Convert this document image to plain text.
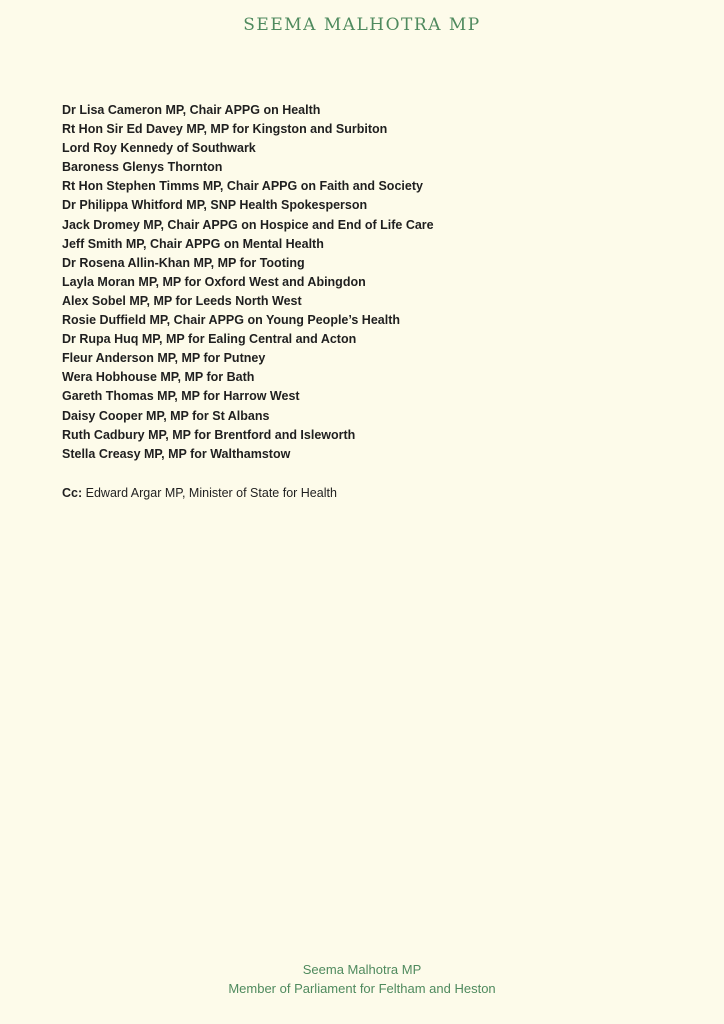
SEEMA MALHOTRA MP
Dr Lisa Cameron MP, Chair APPG on Health
Rt Hon Sir Ed Davey MP, MP for Kingston and Surbiton
Lord Roy Kennedy of Southwark
Baroness Glenys Thornton
Rt Hon Stephen Timms MP, Chair APPG on Faith and Society
Dr Philippa Whitford MP, SNP Health Spokesperson
Jack Dromey MP, Chair APPG on Hospice and End of Life Care
Jeff Smith MP, Chair APPG on Mental Health
Dr Rosena Allin-Khan MP, MP for Tooting
Layla Moran MP, MP for Oxford West and Abingdon
Alex Sobel MP, MP for Leeds North West
Rosie Duffield MP, Chair APPG on Young People’s Health
Dr Rupa Huq MP, MP for Ealing Central and Acton
Fleur Anderson MP, MP for Putney
Wera Hobhouse MP, MP for Bath
Gareth Thomas MP, MP for Harrow West
Daisy Cooper MP, MP for St Albans
Ruth Cadbury MP, MP for Brentford and Isleworth
Stella Creasy MP, MP for Walthamstow
Cc: Edward Argar MP, Minister of State for Health
Seema Malhotra MP
Member of Parliament for Feltham and Heston
